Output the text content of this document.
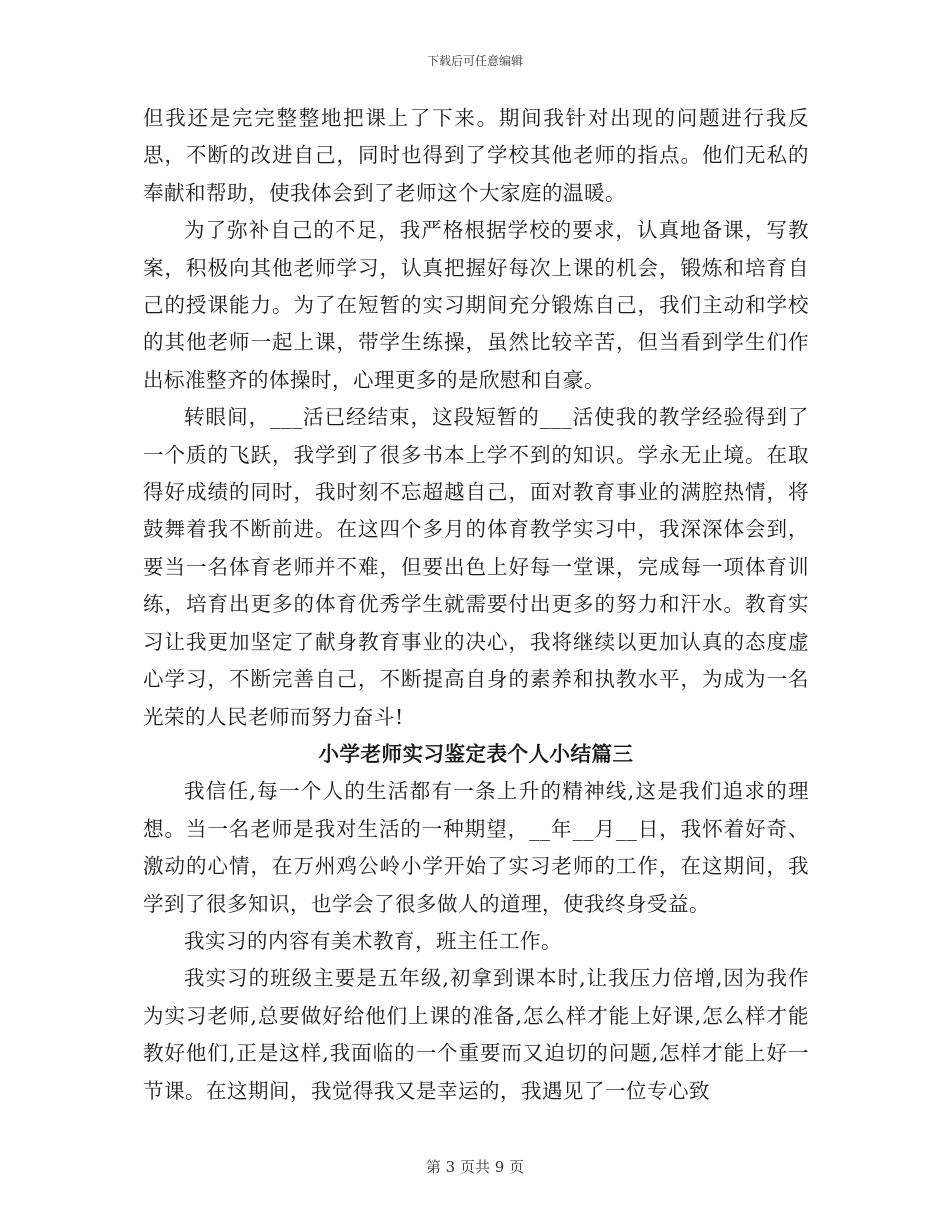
下载后可任意编辑

但我还是完完整整地把课上了下来。期间我针对出现的问题进行我反思，不断的改进自己，同时也得到了学校其他老师的指点。他们无私的奉献和帮助，使我体会到了老师这个大家庭的温暖。

为了弥补自己的不足，我严格根据学校的要求，认真地备课，写教案，积极向其他老师学习，认真把握好每次上课的机会，锻炼和培育自己的授课能力。为了在短暂的实习期间充分锻炼自己，我们主动和学校的其他老师一起上课，带学生练操，虽然比较辛苦，但当看到学生们作出标准整齐的体操时，心理更多的是欣慰和自豪。

转眼间，___活已经结束，这段短暂的___活使我的教学经验得到了一个质的飞跃，我学到了很多书本上学不到的知识。学永无止境。在取得好成绩的同时，我时刻不忘超越自己，面对教育事业的满腔热情，将鼓舞着我不断前进。在这四个多月的体育教学实习中，我深深体会到，要当一名体育老师并不难，但要出色上好每一堂课，完成每一项体育训练，培育出更多的体育优秀学生就需要付出更多的努力和汗水。教育实习让我更加坚定了献身教育事业的决心，我将继续以更加认真的态度虚心学习，不断完善自己，不断提高自身的素养和执教水平，为成为一名光荣的人民老师而努力奋斗!

小学老师实习鉴定表个人小结篇三

我信任,每一个人的生活都有一条上升的精神线,这是我们追求的理想。当一名老师是我对生活的一种期望，__年__月__日，我怀着好奇、激动的心情，在万州鸡公岭小学开始了实习老师的工作，在这期间，我学到了很多知识，也学会了很多做人的道理，使我终身受益。

我实习的内容有美术教育，班主任工作。

我实习的班级主要是五年级,初拿到课本时,让我压力倍增,因为我作为实习老师,总要做好给他们上课的准备,怎么样才能上好课,怎么样才能教好他们,正是这样,我面临的一个重要而又迫切的问题,怎样才能上好一节课。在这期间，我觉得我又是幸运的，我遇见了一位专心致

第 3 页共 9 页
